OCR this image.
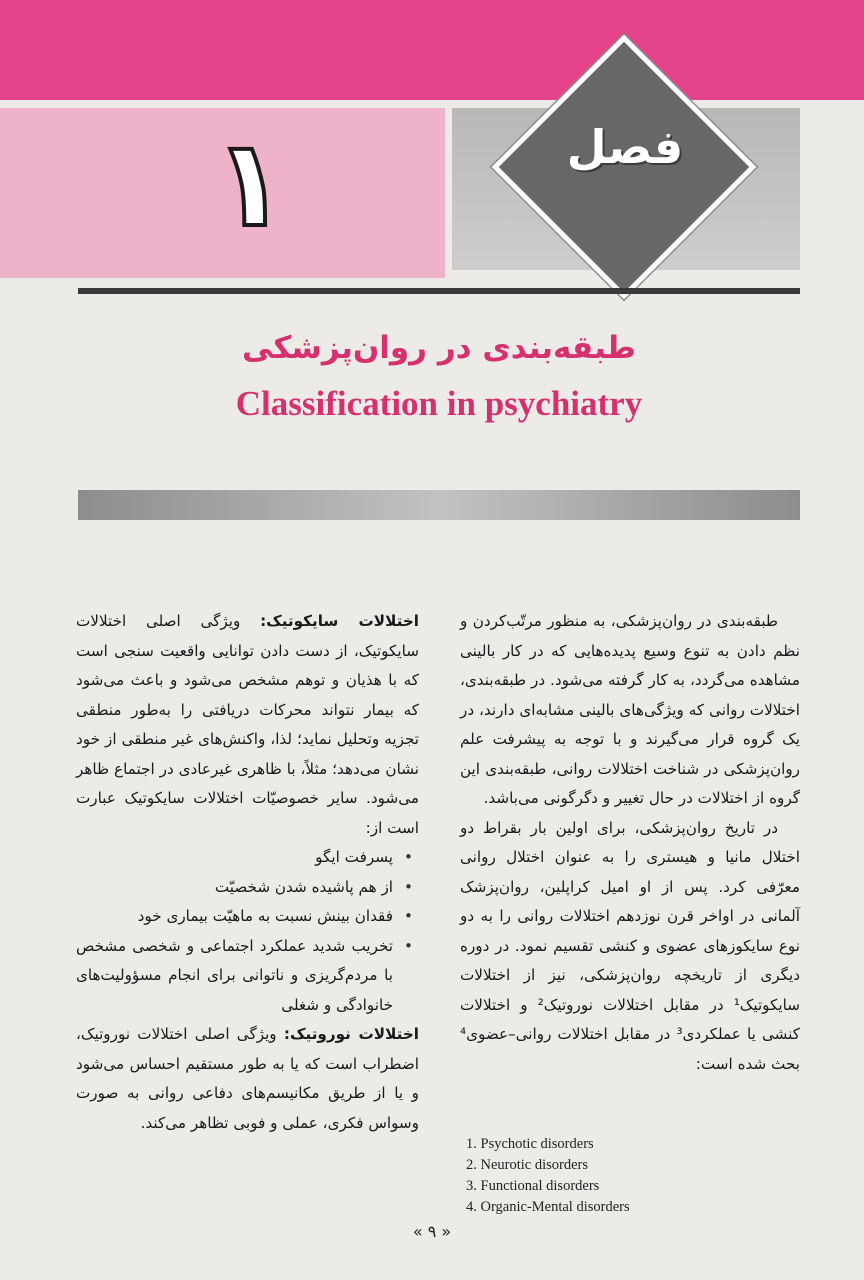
فصل
۱
طبقه‌بندی در روان‌پزشکی
Classification in psychiatry

طبقه‌بندی در روان‌پزشکی، به منظور مرتّب‌کردن و نظم دادن به تنوع وسیع پدیده‌هایی که در کار بالینی مشاهده می‌گردد، به کار گرفته می‌شود. در طبقه‌بندی، اختلالات روانی که ویژگی‌های بالینی مشابه‌ای دارند، در یک گروه قرار می‌گیرند و با توجه به پیشرفت علم روان‌پزشکی در شناخت اختلالات روانی، طبقه‌بندی این گروه از اختلالات در حال تغییر و دگرگونی می‌باشد.

در تاریخ روان‌پزشکی، برای اولین بار بقراط دو اختلال مانیا و هیستری را به عنوان اختلال روانی معرّفی کرد. پس از او امیل کراپلین، روان‌پزشک آلمانی در اواخر قرن نوزدهم اختلالات روانی را به دو نوع سایکوزهای عضوی و کنشی تقسیم نمود. در دوره دیگری از تاریخچه روان‌پزشکی، نیز از اختلالات سایکوتیک¹ در مقابل اختلالات نوروتیک² و اختلالات کنشی یا عملکردی³ در مقابل اختلالات روانی–عضوی⁴ بحث شده است:

1. Psychotic disorders
2. Neurotic disorders
3. Functional disorders
4. Organic-Mental disorders

اختلالات سایکوتیک: ویژگی اصلی اختلالات سایکوتیک، از دست دادن توانایی واقعیت سنجی است که با هذیان و توهم مشخص می‌شود و باعث می‌شود که بیمار نتواند محرکات دریافتی را به‌طور منطقی تجزیه وتحلیل نماید؛ لذا، واکنش‌های غیر منطقی از خود نشان می‌دهد؛ مثلاً، با ظاهری غیرعادی در اجتماع ظاهر می‌شود. سایر خصوصیّات اختلالات سایکوتیک عبارت است از:

• پسرفت ایگو
• از هم پاشیده شدن شخصیّت
• فقدان بینش نسبت به ماهیّت بیماری خود
• تخریب شدید عملکرد اجتماعی و شخصی مشخص با مردم‌گریزی و ناتوانی برای انجام مسؤولیت‌های خانوادگی و شغلی

اختلالات نوروتیک: ویژگی اصلی اختلالات نوروتیک، اضطراب است که یا به طور مستقیم احساس می‌شود و یا از طریق مکانیسم‌های دفاعی روانی به صورت وسواس فکری، عملی و فوبی تظاهر می‌کند.

« ۹ »
